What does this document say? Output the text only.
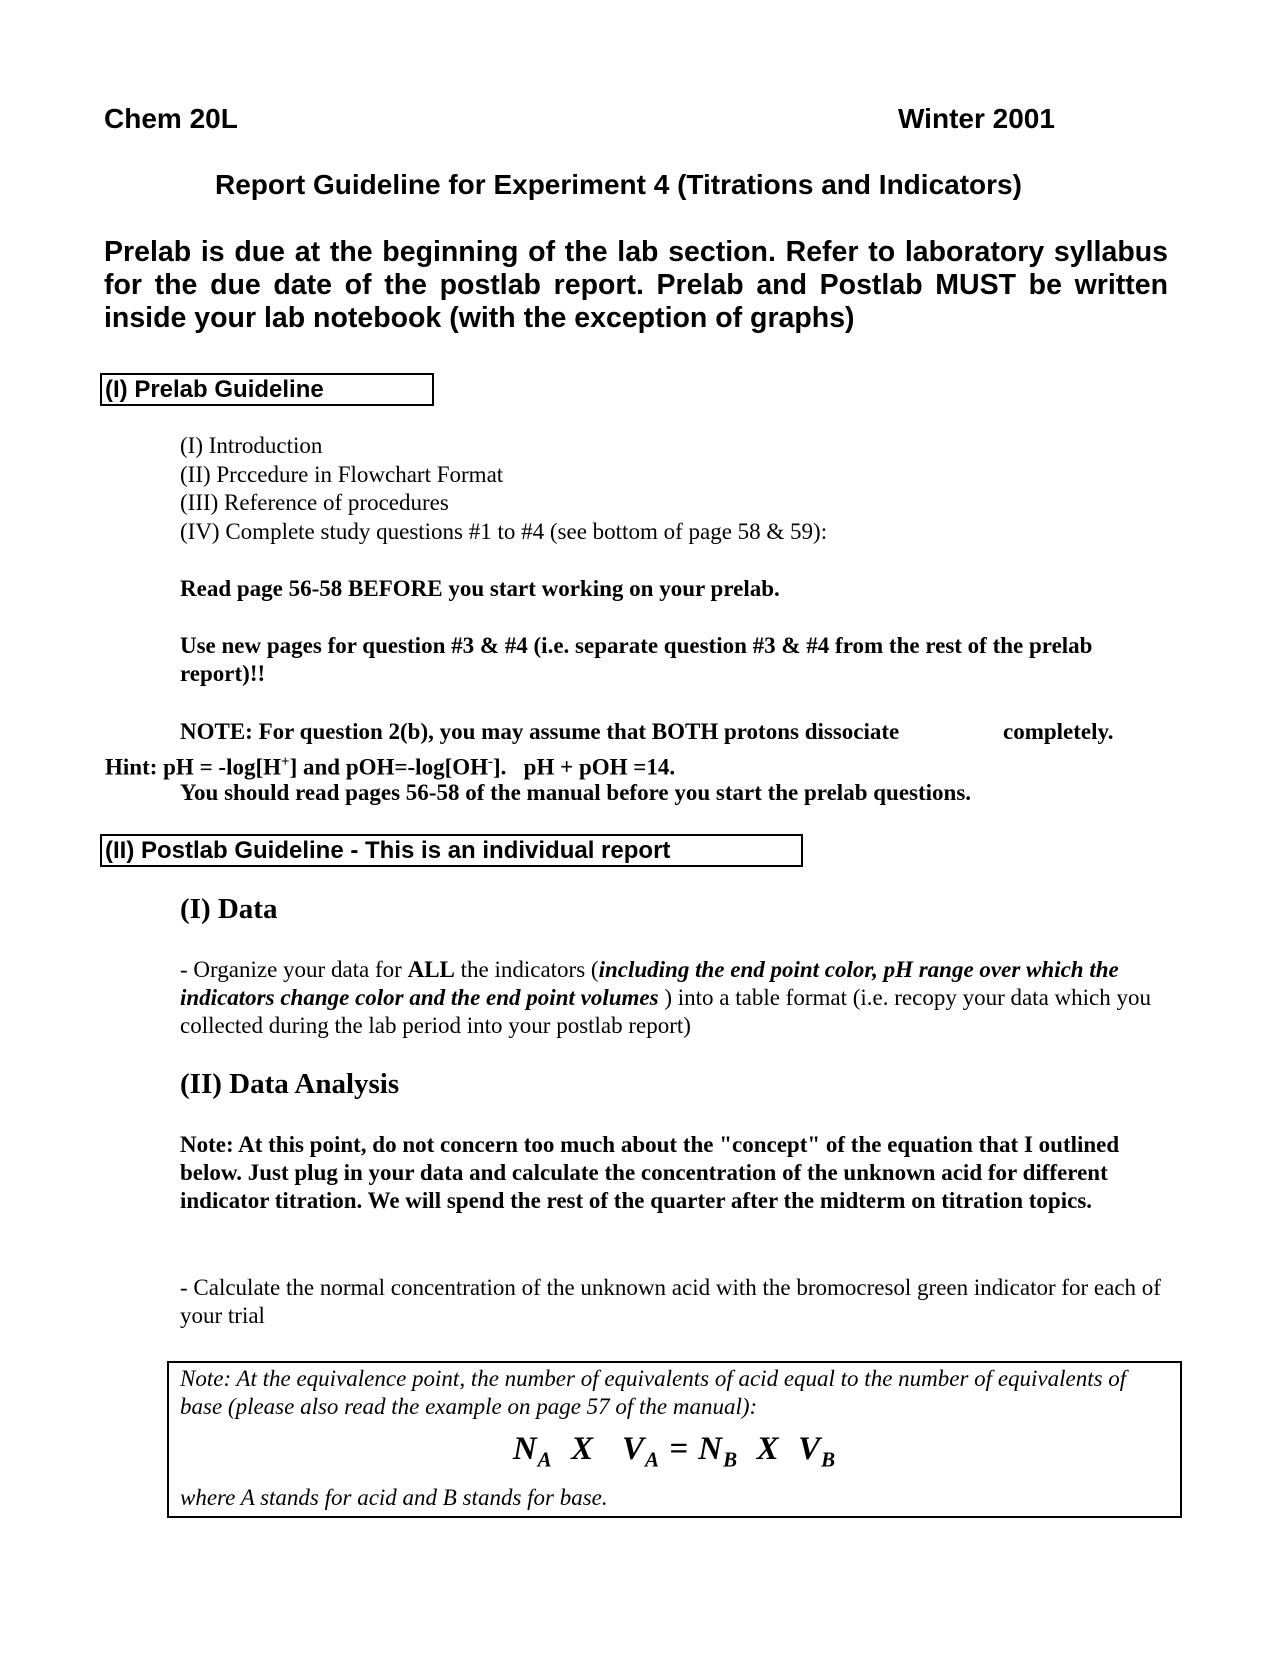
Chem 20L	Winter 2001
Report Guideline for Experiment 4 (Titrations and Indicators)
Prelab is due at the beginning of the lab section. Refer to laboratory syllabus for the due date of the postlab report. Prelab and Postlab MUST be written inside your lab notebook (with the exception of graphs)
(I) Prelab Guideline
(I) Introduction
(II) Prccedure in Flowchart Format
(III) Reference of procedures
(IV) Complete study questions #1 to #4 (see bottom of page 58 & 59):
Read page 56-58 BEFORE you start working on your prelab.
Use new pages for question #3 & #4 (i.e. separate question #3 & #4 from the rest of the prelab report)!!
NOTE: For question 2(b), you may assume that BOTH protons dissociate	completely.
Hint: pH = -log[H+] and pOH=-log[OH-].   pH + pOH =14.
You should read pages 56-58 of the manual before you start the prelab questions.
(II) Postlab Guideline - This is an individual report
(I) Data
- Organize your data for ALL the indicators (including the end point color, pH range over which the indicators change color and the end point volumes ) into a table format (i.e. recopy your data which you collected during the lab period into your postlab report)
(II) Data Analysis
Note: At this point, do not concern too much about the "concept" of the equation that I outlined below. Just plug in your data and calculate the concentration of the unknown acid for different indicator titration. We will spend the rest of the quarter after the midterm on titration topics.
- Calculate the normal concentration of the unknown acid with the bromocresol green indicator for each of your trial
Note: At the equivalence point, the number of equivalents of acid equal to the number of equivalents of base (please also read the example on page 57 of the manual):
$N_A$ X $V_A = N_B$ X $V_B$
where A stands for acid and B stands for base.
